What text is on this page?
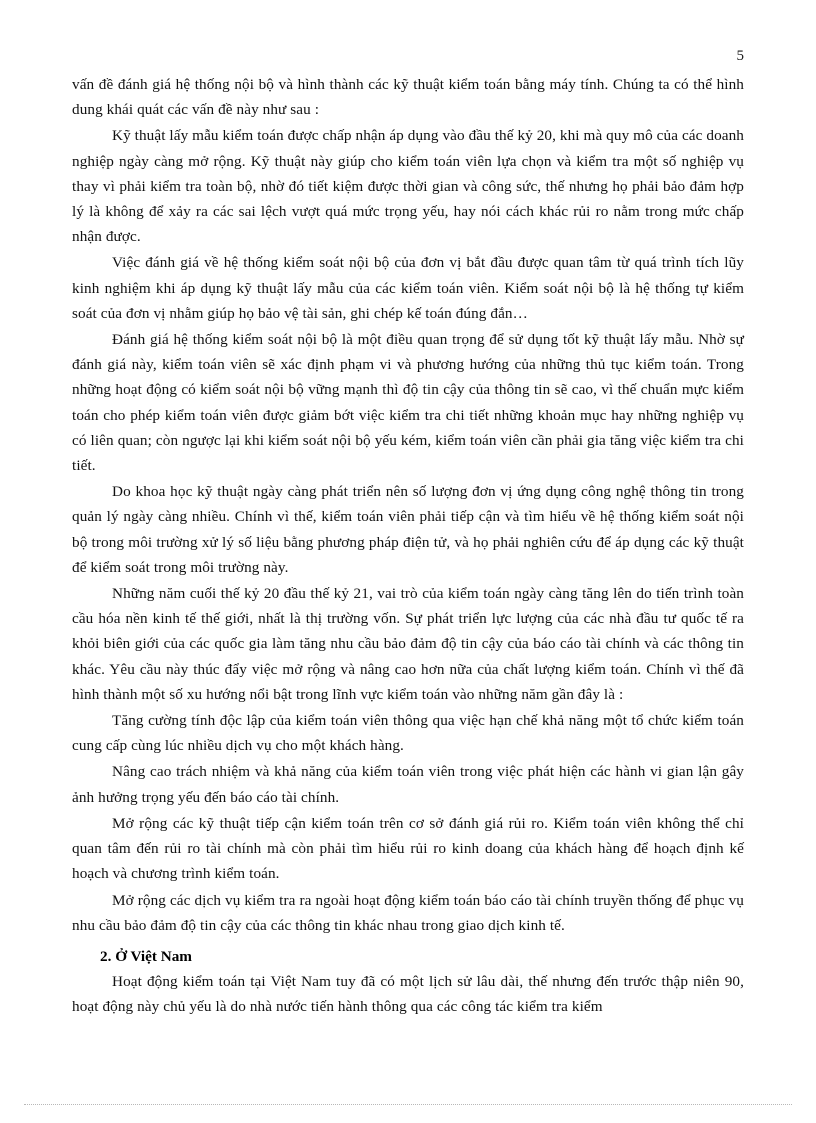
5

vấn đề đánh giá hệ thống nội bộ và hình thành các kỹ thuật kiểm toán bằng máy tính. Chúng ta có thể hình dung khái quát các vấn đề này như sau :

Kỹ thuật lấy mẫu kiểm toán được chấp nhận áp dụng vào đầu thế kỷ 20, khi mà quy mô của các doanh nghiệp ngày càng mở rộng. Kỹ thuật này giúp cho kiểm toán viên lựa chọn và kiểm tra một số nghiệp vụ thay vì phải kiểm tra toàn bộ, nhờ đó tiết kiệm được thời gian và công sức, thế nhưng họ phải bảo đảm hợp lý là không để xảy ra các sai lệch vượt quá mức trọng yếu, hay nói cách khác rủi ro nằm trong mức chấp nhận được.

Việc đánh giá về hệ thống kiểm soát nội bộ của đơn vị bắt đầu được quan tâm từ quá trình tích lũy kinh nghiệm khi áp dụng kỹ thuật lấy mẫu của các kiểm toán viên. Kiểm soát nội bộ là hệ thống tự kiểm soát của đơn vị nhằm giúp họ bảo vệ tài sản, ghi chép kế toán đúng đắn…

Đánh giá hệ thống kiểm soát nội bộ là một điều quan trọng để sử dụng tốt kỹ thuật lấy mẫu. Nhờ sự đánh giá này, kiểm toán viên sẽ xác định phạm vi và phương hướng của những thủ tục kiểm toán. Trong những hoạt động có kiểm soát nội bộ vững mạnh thì độ tin cậy của thông tin sẽ cao, vì thế chuẩn mực kiểm toán cho phép kiểm toán viên được giảm bớt việc kiểm tra chi tiết những khoản mục hay những nghiệp vụ có liên quan; còn ngược lại khi kiểm soát nội bộ yếu kém, kiểm toán viên cần phải gia tăng việc kiểm tra chi tiết.

Do khoa học kỹ thuật ngày càng phát triển nên số lượng đơn vị ứng dụng công nghệ thông tin trong quản lý ngày càng nhiều. Chính vì thế, kiểm toán viên phải tiếp cận và tìm hiểu về hệ thống kiểm soát nội bộ trong môi trường xử lý số liệu bằng phương pháp điện tử, và họ phải nghiên cứu để áp dụng các kỹ thuật để kiểm soát trong môi trường này.

Những năm cuối thế kỷ 20 đầu thế kỷ 21, vai trò của kiểm toán ngày càng tăng lên do tiến trình toàn cầu hóa nền kinh tế thế giới, nhất là thị trường vốn. Sự phát triển lực lượng của các nhà đầu tư quốc tế ra khỏi biên giới của các quốc gia làm tăng nhu cầu bảo đảm độ tin cậy của báo cáo tài chính và các thông tin khác. Yêu cầu này thúc đẩy việc mở rộng và nâng cao hơn nữa của chất lượng kiểm toán. Chính vì thế đã hình thành một số xu hướng nổi bật trong lĩnh vực kiểm toán vào những năm gần đây là :

Tăng cường tính độc lập của kiểm toán viên thông qua việc hạn chế khả năng một tổ chức kiểm toán cung cấp cùng lúc nhiều dịch vụ cho một khách hàng.

Nâng cao trách nhiệm và khả năng của kiểm toán viên trong việc phát hiện các hành vi gian lận gây ảnh hưởng trọng yếu đến báo cáo tài chính.

Mở rộng các kỹ thuật tiếp cận kiểm toán trên cơ sở đánh giá rủi ro. Kiểm toán viên không thể chỉ quan tâm đến rủi ro tài chính mà còn phải tìm hiểu rủi ro kinh doang của khách hàng để hoạch định kế hoạch và chương trình kiểm toán.

Mở rộng các dịch vụ kiểm tra ra ngoài hoạt động kiểm toán báo cáo tài chính truyền thống để phục vụ nhu cầu bảo đảm độ tin cậy của các thông tin khác nhau trong giao dịch kinh tế.

2. Ở Việt Nam

Hoạt động kiểm toán tại Việt Nam tuy đã có một lịch sử lâu dài, thế nhưng đến trước thập niên 90, hoạt động này chủ yếu là do nhà nước tiến hành thông qua các công tác kiểm tra kiểm
